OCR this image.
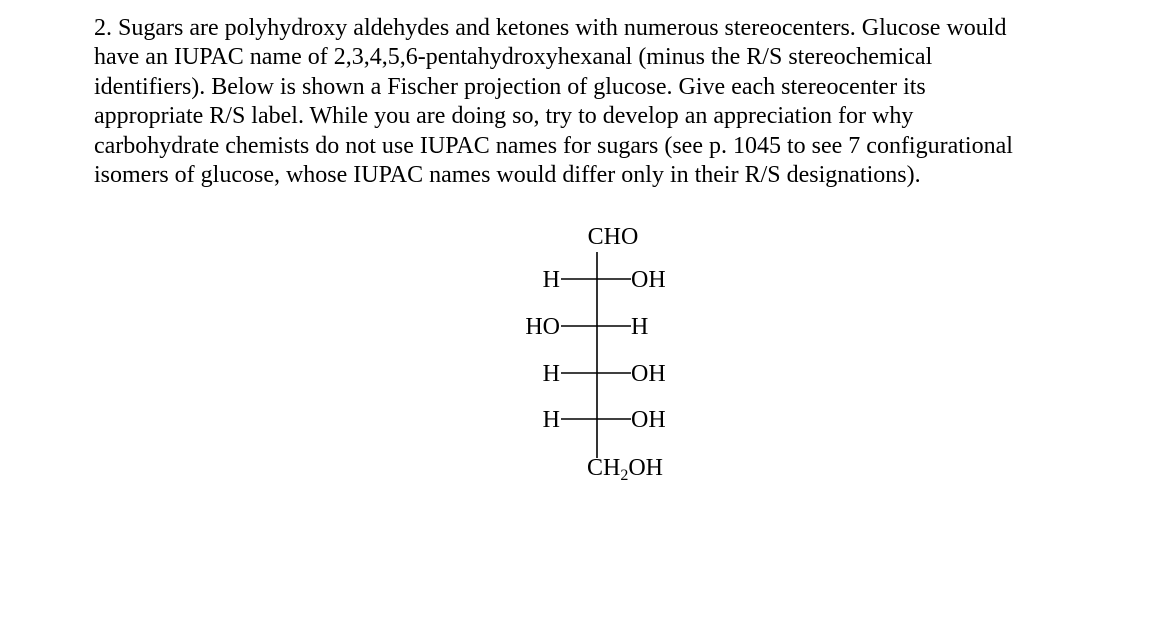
2. Sugars are polyhydroxy aldehydes and ketones with numerous stereocenters. Glucose would
have an IUPAC name of 2,3,4,5,6-pentahydroxyhexanal (minus the R/S stereochemical
identifiers). Below is shown a Fischer projection of glucose. Give each stereocenter its
appropriate R/S label. While you are doing so, try to develop an appreciation for why
carbohydrate chemists do not use IUPAC names for sugars (see p. 1045 to see 7 configurational
isomers of glucose, whose IUPAC names would differ only in their R/S designations).
CHO
H	OH
HO	H
H	OH
H	OH
$CH_2OH$
